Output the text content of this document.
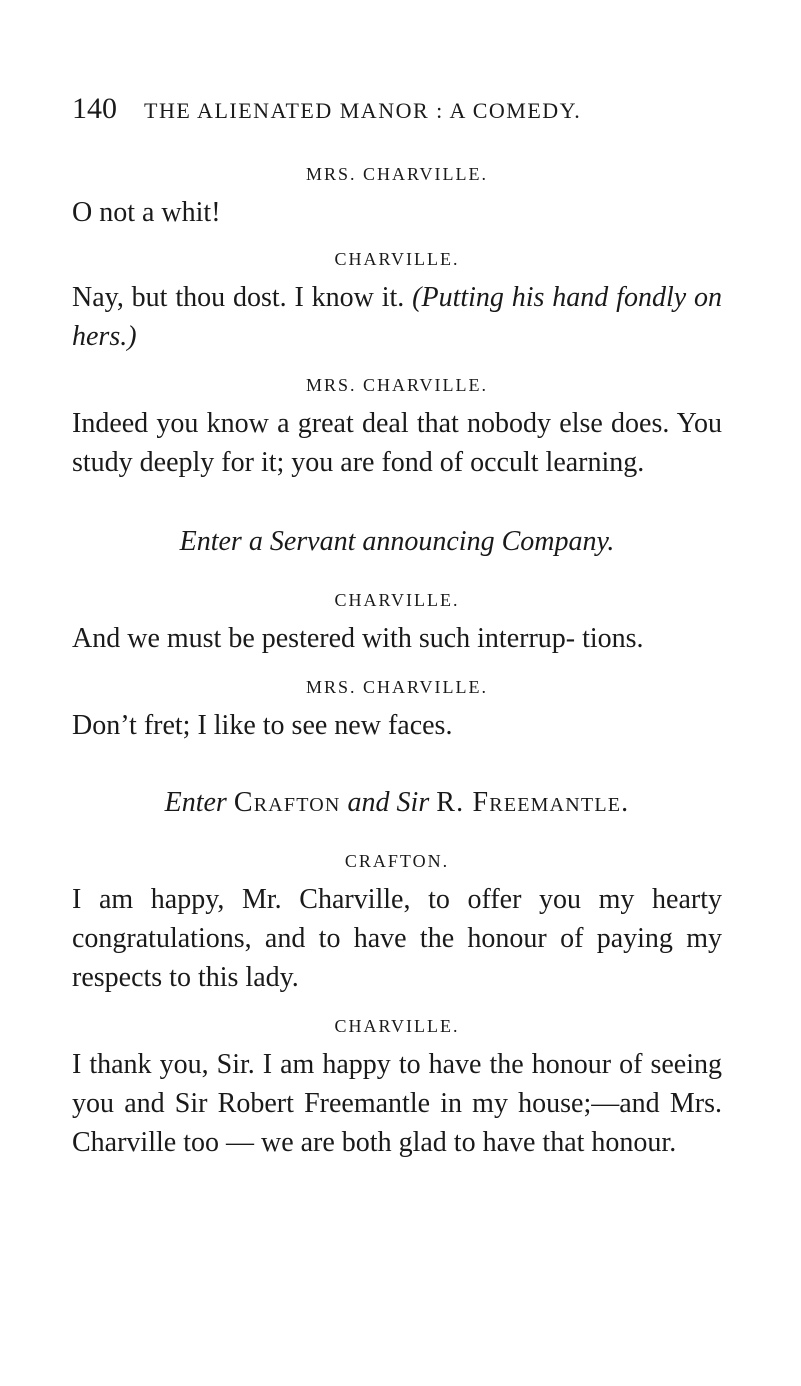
140 THE ALIENATED MANOR : A COMEDY.

MRS. CHARVILLE.

O not a whit!

CHARVILLE.

Nay, but thou dost. I know it. (Putting his hand fondly on hers.)

MRS. CHARVILLE.

Indeed you know a great deal that nobody else does. You study deeply for it; you are fond of occult learning.

Enter a Servant announcing Company.

CHARVILLE.

And we must be pestered with such interrup- tions.

MRS. CHARVILLE.

Don’t fret; I like to see new faces.

Enter Crafton and Sir R. Freemantle.

CRAFTON.

I am happy, Mr. Charville, to offer you my hearty congratulations, and to have the honour of paying my respects to this lady.

CHARVILLE.

I thank you, Sir. I am happy to have the honour of seeing you and Sir Robert Freemantle in my house;—and Mrs. Charville too — we are both glad to have that honour.
